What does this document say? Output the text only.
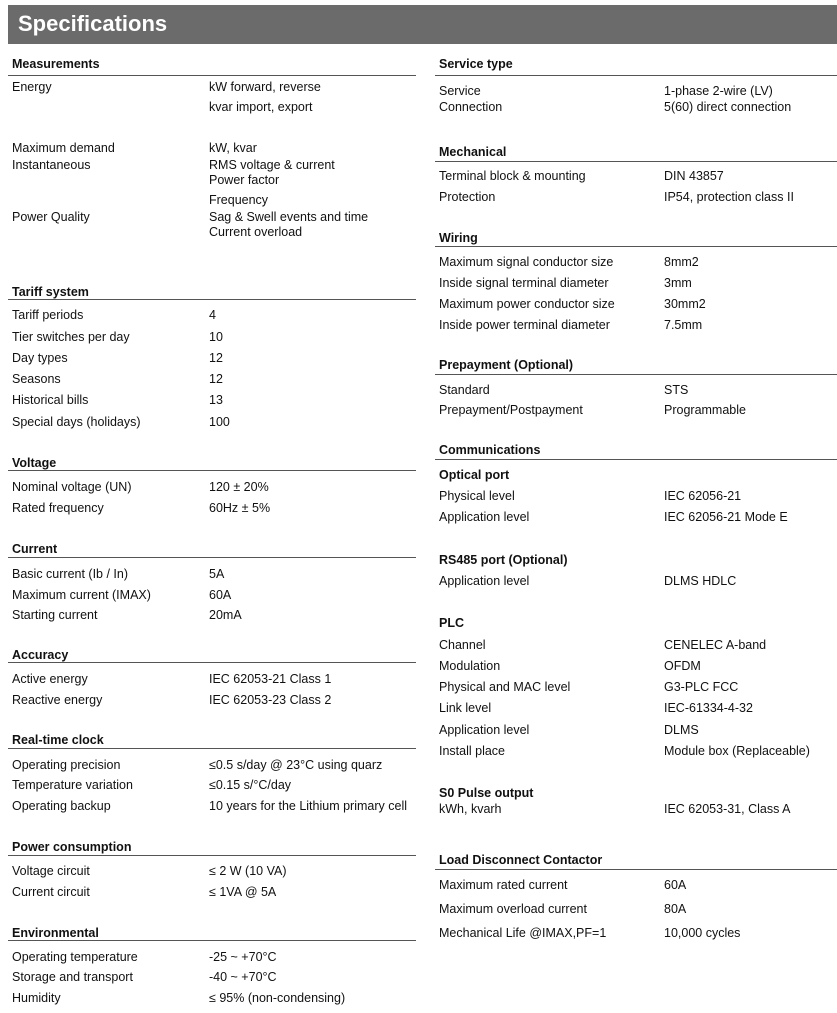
Specifications
Measurements
Energy	kW forward, reverse
kvar import, export
Maximum demand	kW, kvar
Instantaneous	RMS voltage & current
Power factor
Frequency
Power Quality	Sag & Swell events and time
Current overload
Tariff system
Tariff periods	4
Tier switches per day	10
Day types	12
Seasons	12
Historical bills	13
Special days (holidays)	100
Voltage
Nominal voltage (UN)	120 ± 20%
Rated frequency	60Hz ± 5%
Current
Basic current (Ib / In)	5A
Maximum current (IMAX)	60A
Starting current	20mA
Accuracy
Active energy	IEC 62053-21 Class 1
Reactive energy	IEC 62053-23 Class 2
Real-time clock
Operating precision	≤0.5 s/day @ 23°C using quarz
Temperature variation	≤0.15 s/°C/day
Operating backup	10 years for the Lithium primary cell
Power consumption
Voltage circuit	≤ 2 W (10 VA)
Current circuit	≤ 1VA @ 5A
Environmental
Operating temperature	-25 ~ +70°C
Storage and transport	-40 ~ +70°C
Humidity	≤ 95% (non-condensing)
Service type
Service	1-phase 2-wire (LV)
Connection	5(60) direct connection
Mechanical
Terminal block & mounting	DIN 43857
Protection	IP54, protection class II
Wiring
Maximum signal conductor size	8mm2
Inside signal terminal diameter	3mm
Maximum power conductor size	30mm2
Inside power terminal diameter	7.5mm
Prepayment (Optional)
Standard	STS
Prepayment/Postpayment	Programmable
Communications
Optical port
Physical level	IEC 62056-21
Application level	IEC 62056-21 Mode E
RS485 port (Optional)
Application level	DLMS HDLC
PLC
Channel	CENELEC A-band
Modulation	OFDM
Physical and MAC level	G3-PLC FCC
Link level	IEC-61334-4-32
Application level	DLMS
Install place	Module box (Replaceable)
S0 Pulse output
kWh, kvarh	IEC 62053-31, Class A
Load Disconnect Contactor
Maximum rated current	60A
Maximum overload current	80A
Mechanical Life @IMAX,PF=1	10,000 cycles
